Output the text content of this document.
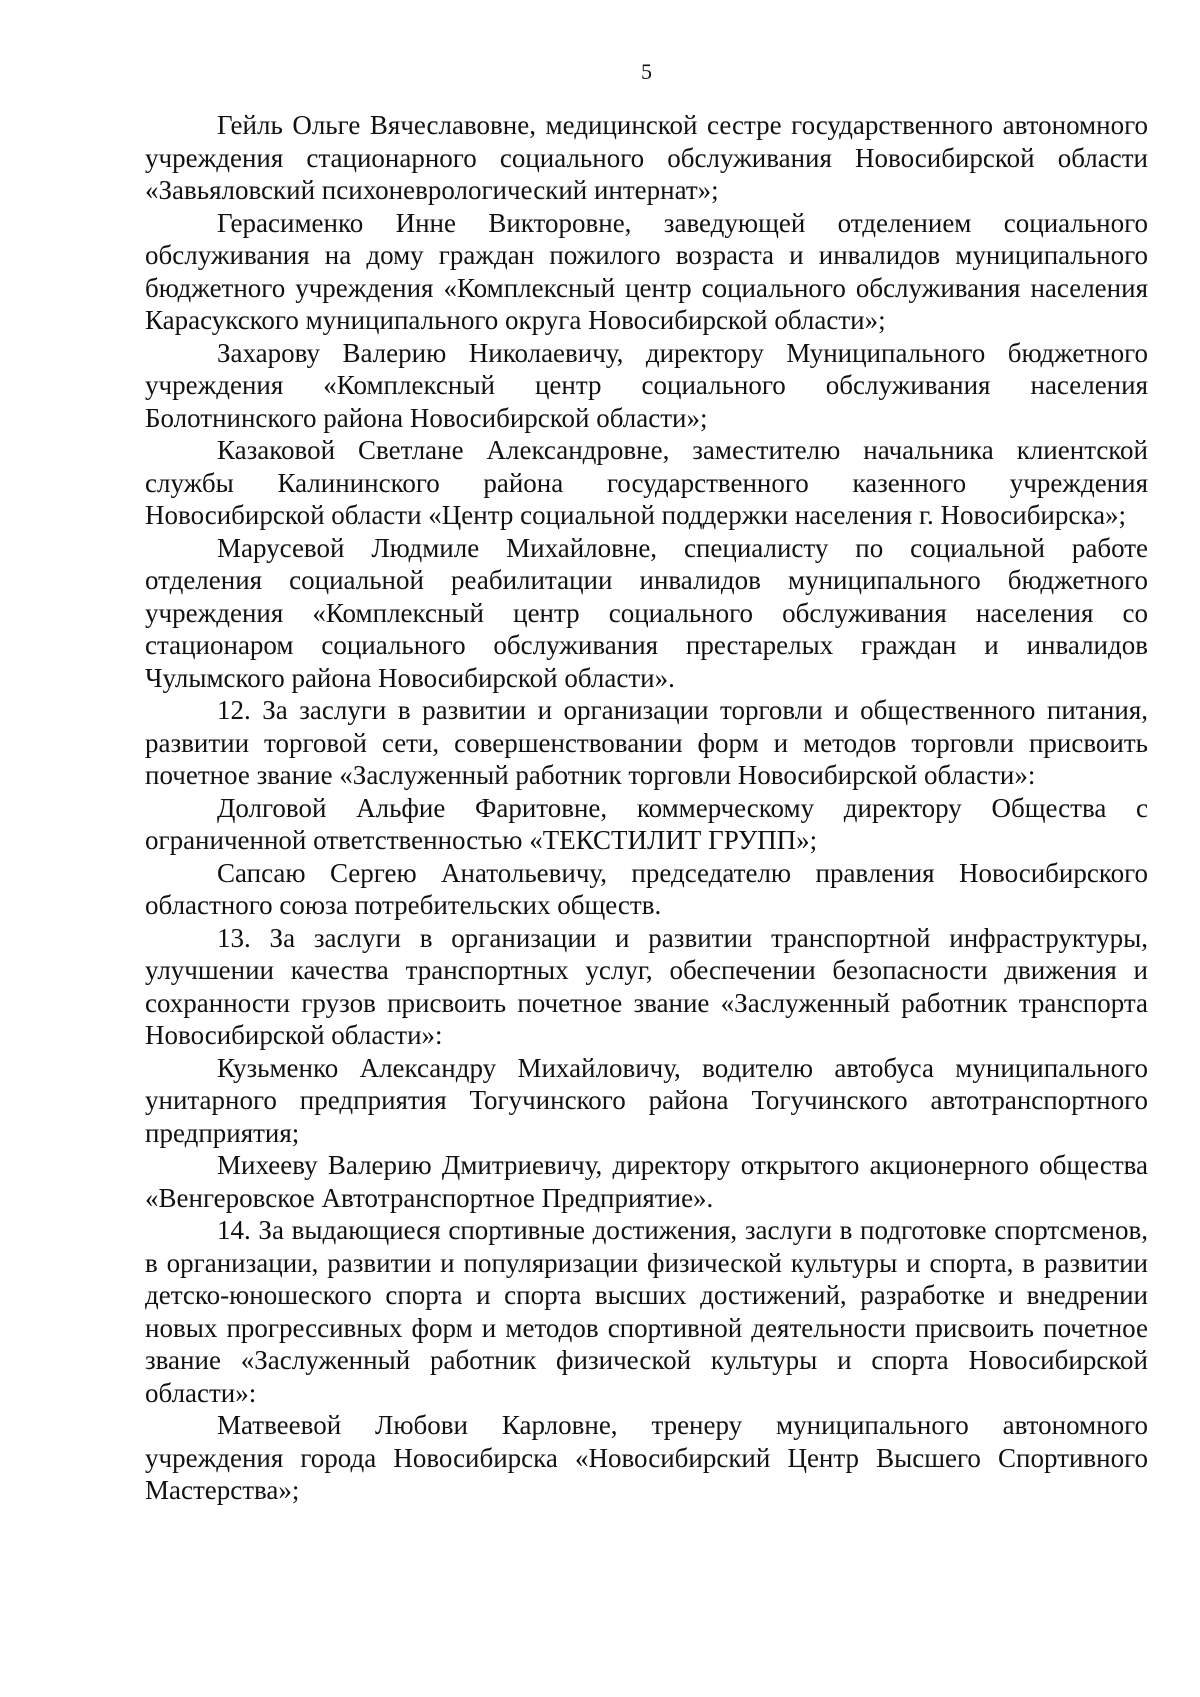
5

Гейль Ольге Вячеславовне, медицинской сестре государственного автономного учреждения стационарного социального обслуживания Новосибирской области «Завьяловский психоневрологический интернат»;

Герасименко Инне Викторовне, заведующей отделением социального обслуживания на дому граждан пожилого возраста и инвалидов муниципального бюджетного учреждения «Комплексный центр социального обслуживания населения Карасукского муниципального округа Новосибирской области»;

Захарову Валерию Николаевичу, директору Муниципального бюджетного учреждения «Комплексный центр социального обслуживания населения Болотнинского района Новосибирской области»;

Казаковой Светлане Александровне, заместителю начальника клиентской службы Калининского района государственного казенного учреждения Новосибирской области «Центр социальной поддержки населения г. Новосибирска»;

Марусевой Людмиле Михайловне, специалисту по социальной работе отделения социальной реабилитации инвалидов муниципального бюджетного учреждения «Комплексный центр социального обслуживания населения со стационаром социального обслуживания престарелых граждан и инвалидов Чулымского района Новосибирской области».

12. За заслуги в развитии и организации торговли и общественного питания, развитии торговой сети, совершенствовании форм и методов торговли присвоить почетное звание «Заслуженный работник торговли Новосибирской области»:

Долговой Альфие Фаритовне, коммерческому директору Общества с ограниченной ответственностью «ТЕКСТИЛИТ ГРУПП»;

Сапсаю Сергею Анатольевичу, председателю правления Новосибирского областного союза потребительских обществ.

13. За заслуги в организации и развитии транспортной инфраструктуры, улучшении качества транспортных услуг, обеспечении безопасности движения и сохранности грузов присвоить почетное звание «Заслуженный работник транспорта Новосибирской области»:

Кузьменко Александру Михайловичу, водителю автобуса муниципального унитарного предприятия Тогучинского района Тогучинского автотранспортного предприятия;

Михееву Валерию Дмитриевичу, директору открытого акционерного общества «Венгеровское Автотранспортное Предприятие».

14. За выдающиеся спортивные достижения, заслуги в подготовке спортсменов, в организации, развитии и популяризации физической культуры и спорта, в развитии детско-юношеского спорта и спорта высших достижений, разработке и внедрении новых прогрессивных форм и методов спортивной деятельности присвоить почетное звание «Заслуженный работник физической культуры и спорта Новосибирской области»:

Матвеевой Любови Карловне, тренеру муниципального автономного учреждения города Новосибирска «Новосибирский Центр Высшего Спортивного Мастерства»;
